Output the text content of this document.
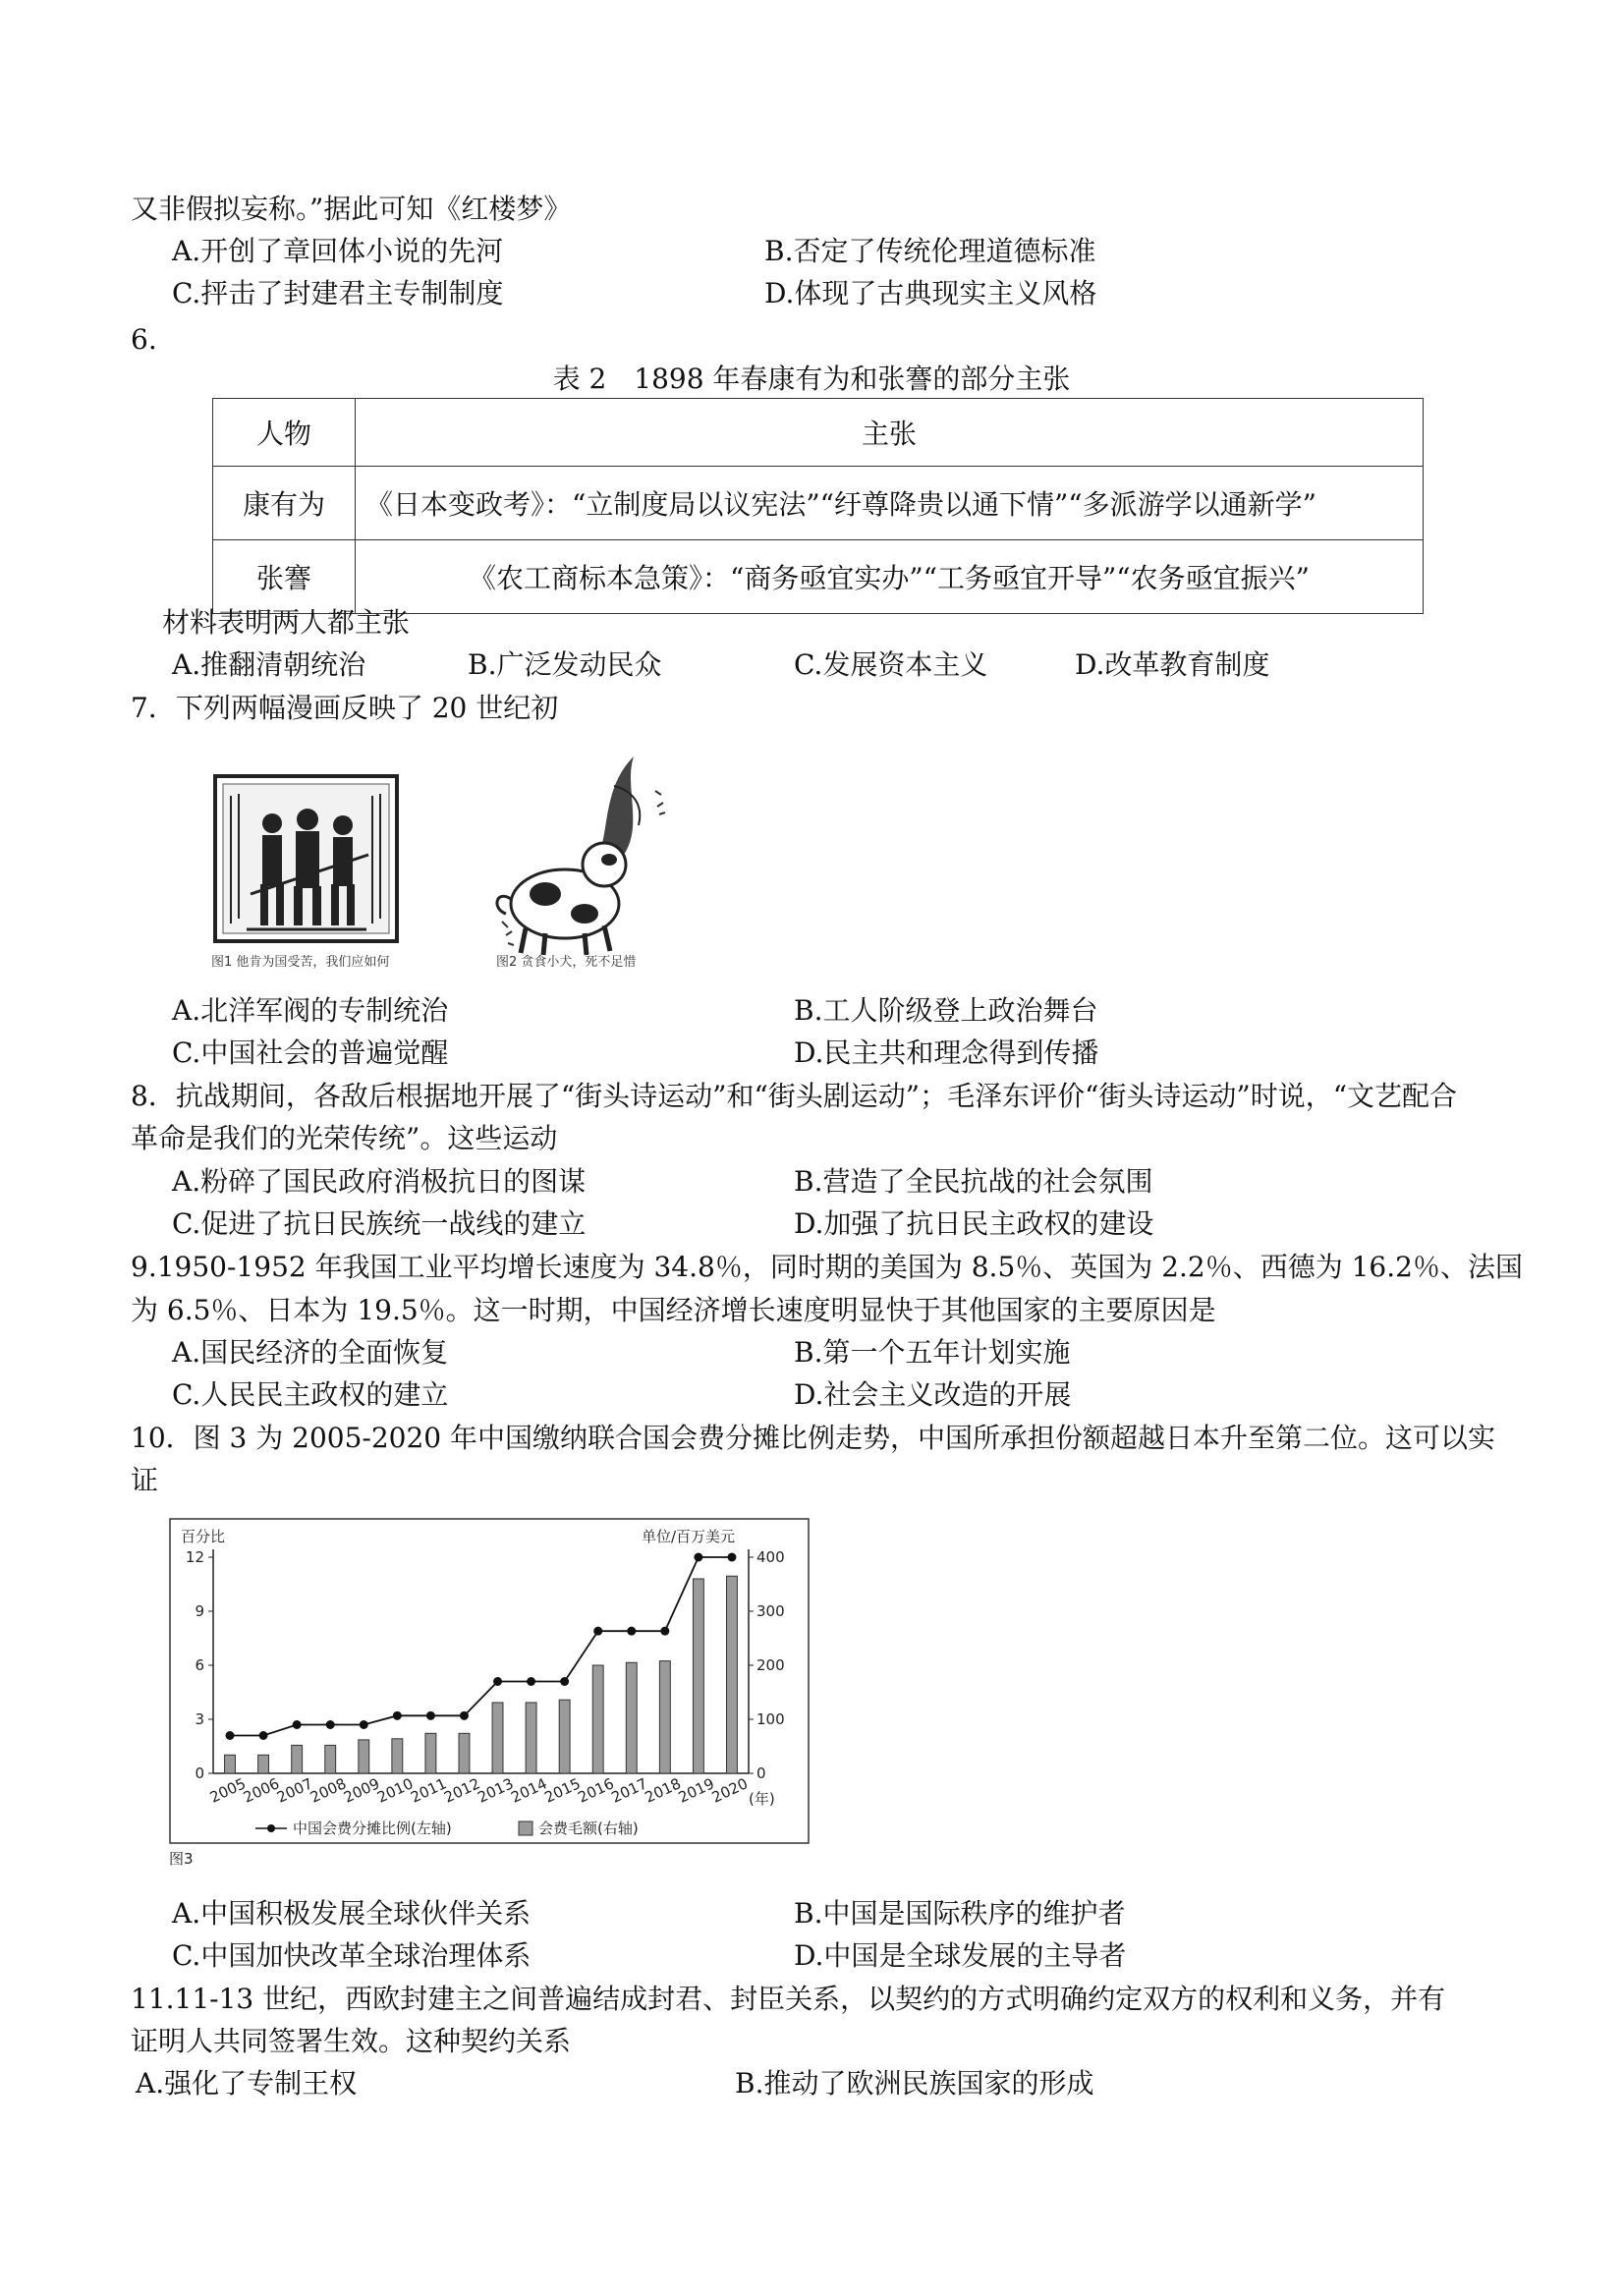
又非假拟妄称。”据此可知《红楼梦》
A.开创了章回体小说的先河	B.否定了传统伦理道德标准
C.抨击了封建君主专制制度	D.体现了古典现实主义风格
6.
表 2　1898 年春康有为和张謇的部分主张
人物	主张
康有为	《日本变政考》：“立制度局以议宪法”“纡尊降贵以通下情”“多派游学以通新学”
张謇	《农工商标本急策》：“商务亟宜实办”“工务亟宜开导”“农务亟宜振兴”
材料表明两人都主张
A.推翻清朝统治	B.广泛发动民众	C.发展资本主义	D.改革教育制度
7．下列两幅漫画反映了 20 世纪初
图1 他肯为国受苦，我们应如何	图2 贪食小犬，死不足惜
A.北洋军阀的专制统治	B.工人阶级登上政治舞台
C.中国社会的普遍觉醒	D.民主共和理念得到传播
8．抗战期间，各敌后根据地开展了“街头诗运动”和“街头剧运动”；毛泽东评价“街头诗运动”时说，“文艺配合
革命是我们的光荣传统”。这些运动
A.粉碎了国民政府消极抗日的图谋	B.营造了全民抗战的社会氛围
C.促进了抗日民族统一战线的建立	D.加强了抗日民主政权的建设
9.1950-1952 年我国工业平均增长速度为 34.8％，同时期的美国为 8.5％、英国为 2.2％、西德为 16.2％、法国
为 6.5％、日本为 19.5％。这一时期，中国经济增长速度明显快于其他国家的主要原因是
A.国民经济的全面恢复	B.第一个五年计划实施
C.人民民主政权的建立	D.社会主义改造的开展
10．图 3 为 2005-2020 年中国缴纳联合国会费分摊比例走势，中国所承担份额超越日本升至第二位。这可以实
证
百分比	单位/百万美元
0
3
6
9
12
0
100
200
300
400
2005
2006
2007
2008
2009
2010
2011
2012
2013
2014
2015
2016
2017
2018
2019
2020
(年)
中国会费分摊比例(左轴)	会费毛额(右轴)
图3
A.中国积极发展全球伙伴关系	B.中国是国际秩序的维护者
C.中国加快改革全球治理体系	D.中国是全球发展的主导者
11.11-13 世纪，西欧封建主之间普遍结成封君、封臣关系，以契约的方式明确约定双方的权利和义务，并有
证明人共同签署生效。这种契约关系
A.强化了专制王权	B.推动了欧洲民族国家的形成
